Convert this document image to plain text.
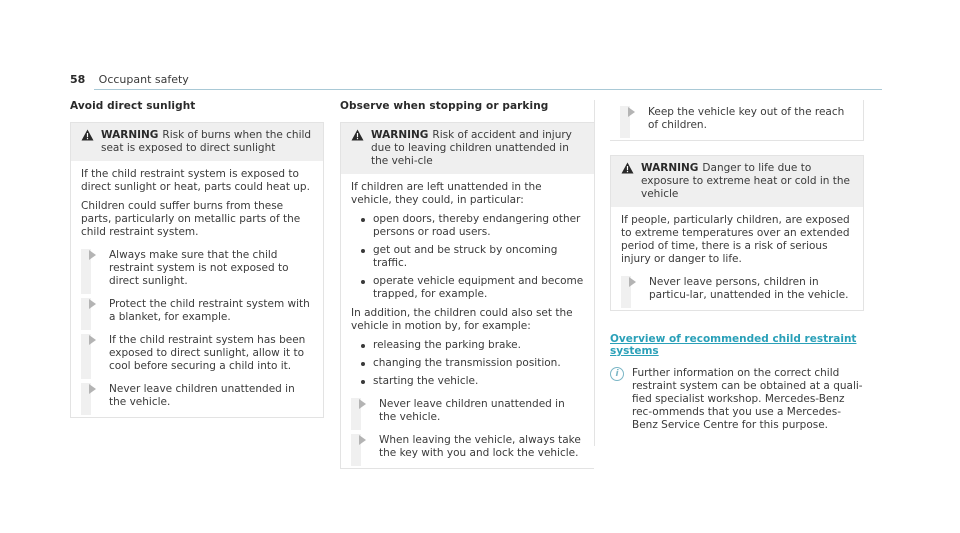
58 Occupant safety
Avoid direct sunlight
WARNING Risk of burns when the child seat is exposed to direct sunlight

If the child restraint system is exposed to direct sunlight or heat, parts could heat up.

Children could suffer burns from these parts, particularly on metallic parts of the child restraint system.

Always make sure that the child restraint system is not exposed to direct sunlight.
Protect the child restraint system with a blanket, for example.
If the child restraint system has been exposed to direct sunlight, allow it to cool before securing a child into it.
Never leave children unattended in the vehicle.
Observe when stopping or parking
WARNING Risk of accident and injury due to leaving children unattended in the vehi-cle

If children are left unattended in the vehicle, they could, in particular:

open doors, thereby endangering other persons or road users.
get out and be struck by oncoming traffic.
operate vehicle equipment and become trapped, for example.

In addition, the children could also set the vehicle in motion by, for example:

releasing the parking brake.
changing the transmission position.
starting the vehicle.
Never leave children unattended in the vehicle.
When leaving the vehicle, always take the key with you and lock the vehicle.
Keep the vehicle key out of the reach of children.
WARNING Danger to life due to exposure to extreme heat or cold in the vehicle

If people, particularly children, are exposed to extreme temperatures over an extended period of time, there is a risk of serious injury or danger to life.

Never leave persons, children in particu-lar, unattended in the vehicle.
Overview of recommended child restraint systems
i	Further information on the correct child restraint system can be obtained at a quali-fied specialist workshop. Mercedes-Benz rec-ommends that you use a Mercedes-Benz Service Centre for this purpose.
